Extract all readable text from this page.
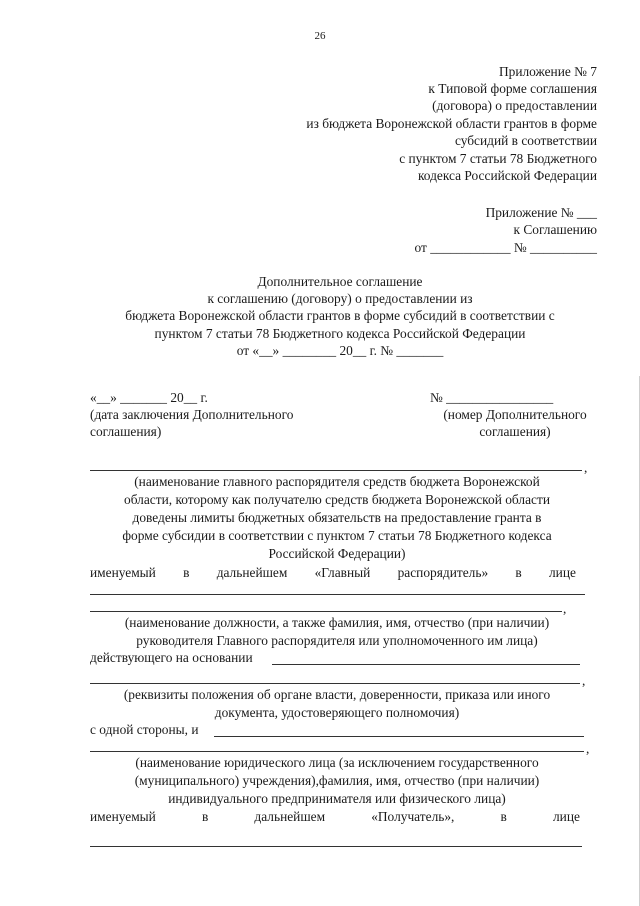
26
Приложение № 7
к Типовой форме соглашения
(договора) о предоставлении
из бюджета Воронежской области грантов в форме
субсидий в соответствии
с пунктом 7 статьи 78 Бюджетного
кодекса Российской Федерации
Приложение № ___
к Соглашению
от ____________ № __________
Дополнительное соглашение
к соглашению (договору) о предоставлении из
бюджета Воронежской области грантов в форме субсидий в соответствии с
пунктом 7 статьи 78 Бюджетного кодекса Российской Федерации
от «__» ________ 20__ г. № _______
«__» _______ 20__ г.
(дата заключения Дополнительного
соглашения)
№ ________________
(номер Дополнительного
соглашения)
,
(наименование главного распорядителя средств бюджета Воронежской
области, которому как получателю средств бюджета Воронежской области
доведены лимиты бюджетных обязательств на предоставление гранта в
форме субсидии в соответствии с пунктом 7 статьи 78 Бюджетного кодекса
Российской Федерации)
именуемый в дальнейшем «Главный распорядитель» в лице
,
(наименование должности, а также фамилия, имя, отчество (при наличии)
руководителя Главного распорядителя или уполномоченного им лица)
действующего на основании
,
(реквизиты положения об органе власти, доверенности, приказа или иного
документа, удостоверяющего полномочия)
с одной стороны, и
,
(наименование юридического лица (за исключением государственного
(муниципального) учреждения),фамилия, имя, отчество (при наличии)
индивидуального предпринимателя или физического лица)
именуемый	в	дальнейшем	«Получатель»,	в	лице
